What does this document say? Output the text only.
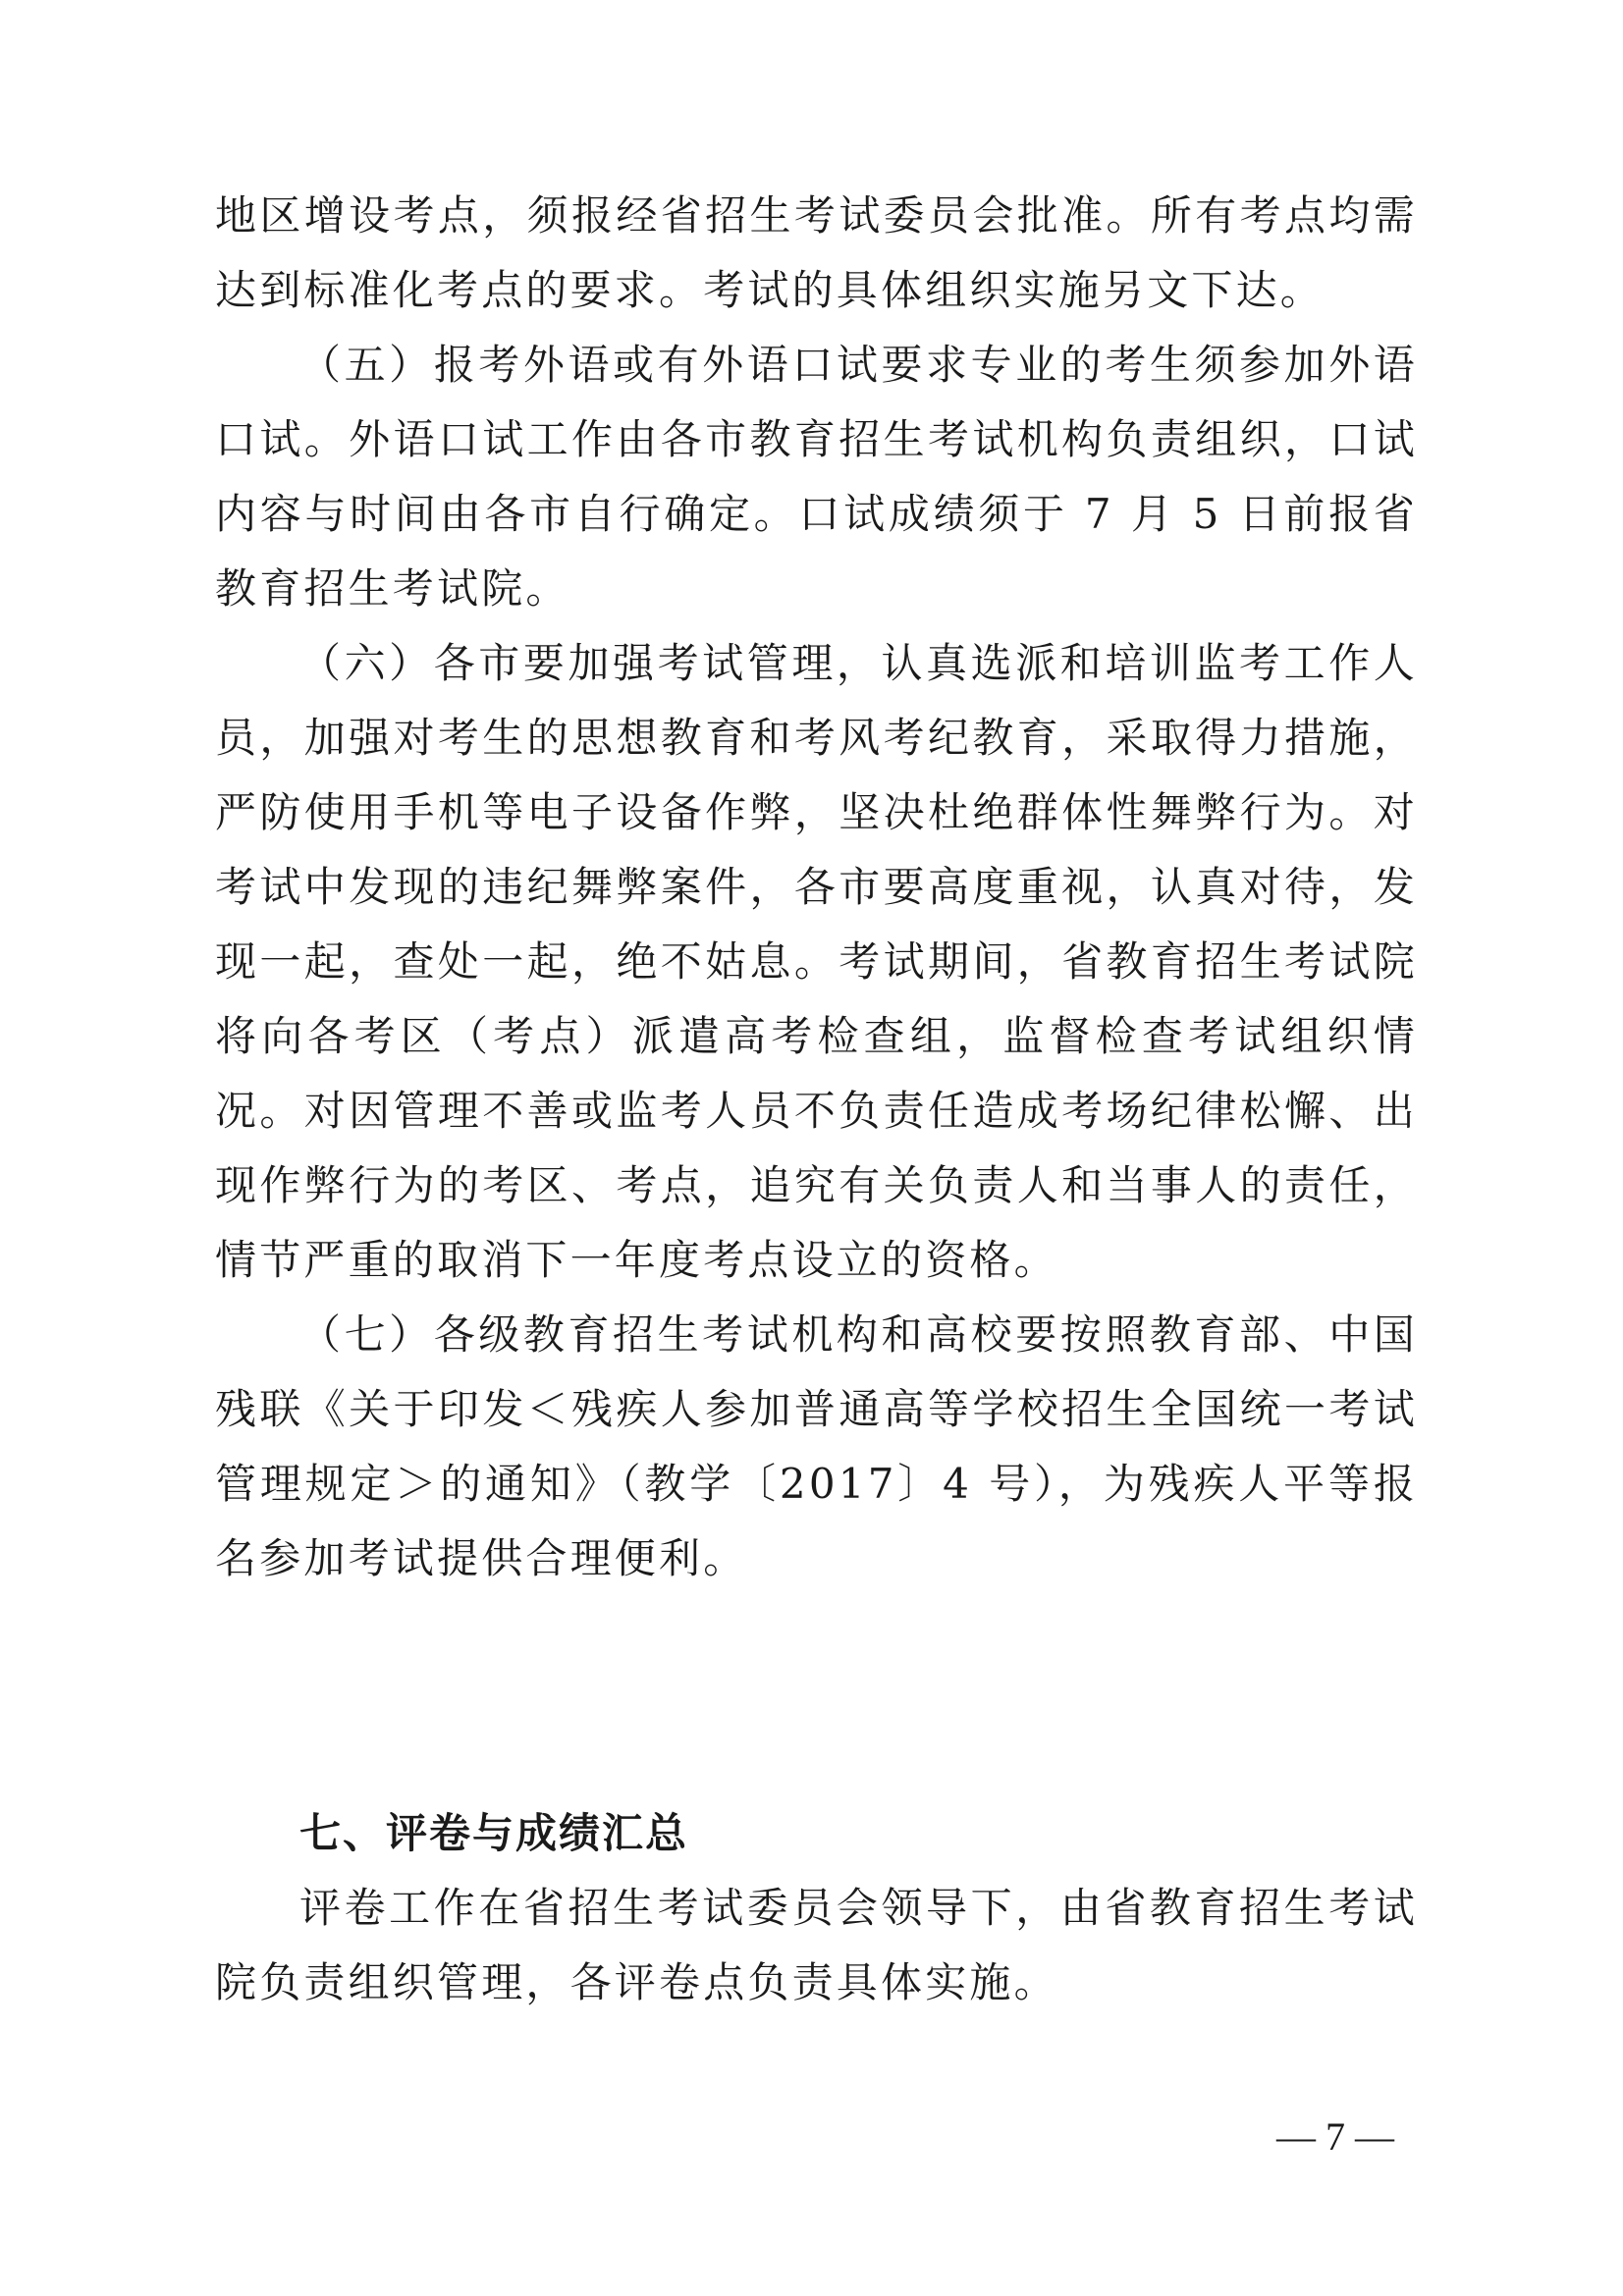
地区增设考点，须报经省招生考试委员会批准。所有考点均需达到标准化考点的要求。考试的具体组织实施另文下达。

（五）报考外语或有外语口试要求专业的考生须参加外语口试。外语口试工作由各市教育招生考试机构负责组织，口试内容与时间由各市自行确定。口试成绩须于 7 月 5 日前报省教育招生考试院。

（六）各市要加强考试管理，认真选派和培训监考工作人员，加强对考生的思想教育和考风考纪教育，采取得力措施，严防使用手机等电子设备作弊，坚决杜绝群体性舞弊行为。对考试中发现的违纪舞弊案件，各市要高度重视，认真对待，发现一起，查处一起，绝不姑息。考试期间，省教育招生考试院将向各考区（考点）派遣高考检查组，监督检查考试组织情况。对因管理不善或监考人员不负责任造成考场纪律松懈、出现作弊行为的考区、考点，追究有关负责人和当事人的责任，情节严重的取消下一年度考点设立的资格。

（七）各级教育招生考试机构和高校要按照教育部、中国残联《关于印发＜残疾人参加普通高等学校招生全国统一考试管理规定＞的通知》（教学〔2017〕4 号），为残疾人平等报名参加考试提供合理便利。

七、评卷与成绩汇总

评卷工作在省招生考试委员会领导下，由省教育招生考试院负责组织管理，各评卷点负责具体实施。

— 7 —
